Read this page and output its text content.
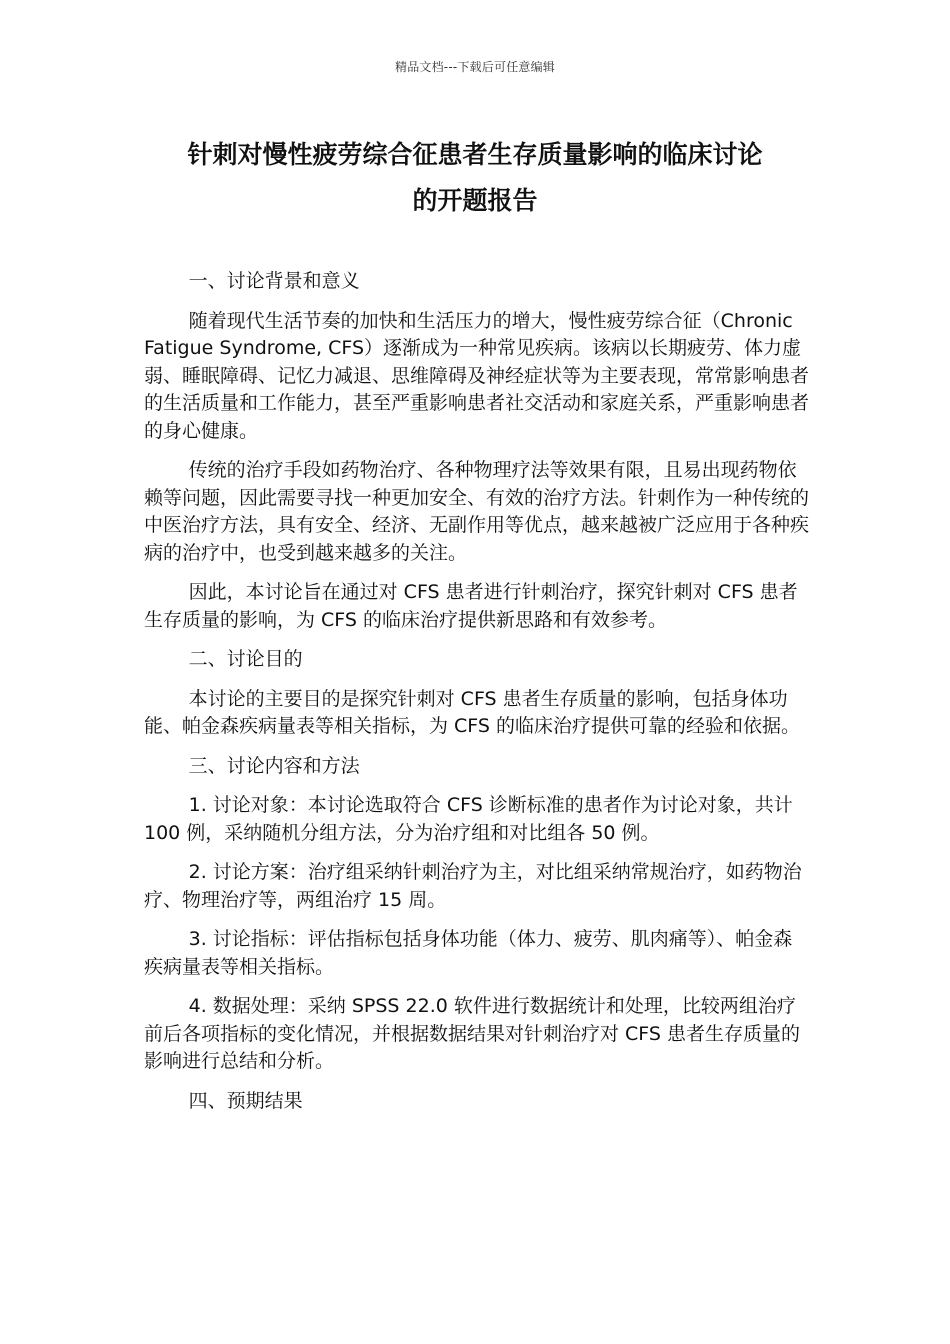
精品文档---下载后可任意编辑
针刺对慢性疲劳综合征患者生存质量影响的临床讨论
的开题报告

一、讨论背景和意义

随着现代生活节奏的加快和生活压力的增大，慢性疲劳综合征（Chronic Fatigue Syndrome, CFS）逐渐成为一种常见疾病。该病以长期疲劳、体力虚弱、睡眠障碍、记忆力减退、思维障碍及神经症状等为主要表现，常常影响患者的生活质量和工作能力，甚至严重影响患者社交活动和家庭关系，严重影响患者的身心健康。

传统的治疗手段如药物治疗、各种物理疗法等效果有限，且易出现药物依赖等问题，因此需要寻找一种更加安全、有效的治疗方法。针刺作为一种传统的中医治疗方法，具有安全、经济、无副作用等优点，越来越被广泛应用于各种疾病的治疗中，也受到越来越多的关注。

因此，本讨论旨在通过对 CFS 患者进行针刺治疗，探究针刺对 CFS 患者生存质量的影响，为 CFS 的临床治疗提供新思路和有效参考。

二、讨论目的

本讨论的主要目的是探究针刺对 CFS 患者生存质量的影响，包括身体功能、帕金森疾病量表等相关指标，为 CFS 的临床治疗提供可靠的经验和依据。

三、讨论内容和方法

1. 讨论对象：本讨论选取符合 CFS 诊断标准的患者作为讨论对象，共计 100 例，采纳随机分组方法，分为治疗组和对比组各 50 例。

2. 讨论方案：治疗组采纳针刺治疗为主，对比组采纳常规治疗，如药物治疗、物理治疗等，两组治疗 15 周。

3. 讨论指标：评估指标包括身体功能（体力、疲劳、肌肉痛等）、帕金森疾病量表等相关指标。

4. 数据处理：采纳 SPSS 22.0 软件进行数据统计和处理，比较两组治疗前后各项指标的变化情况，并根据数据结果对针刺治疗对 CFS 患者生存质量的影响进行总结和分析。

四、预期结果
